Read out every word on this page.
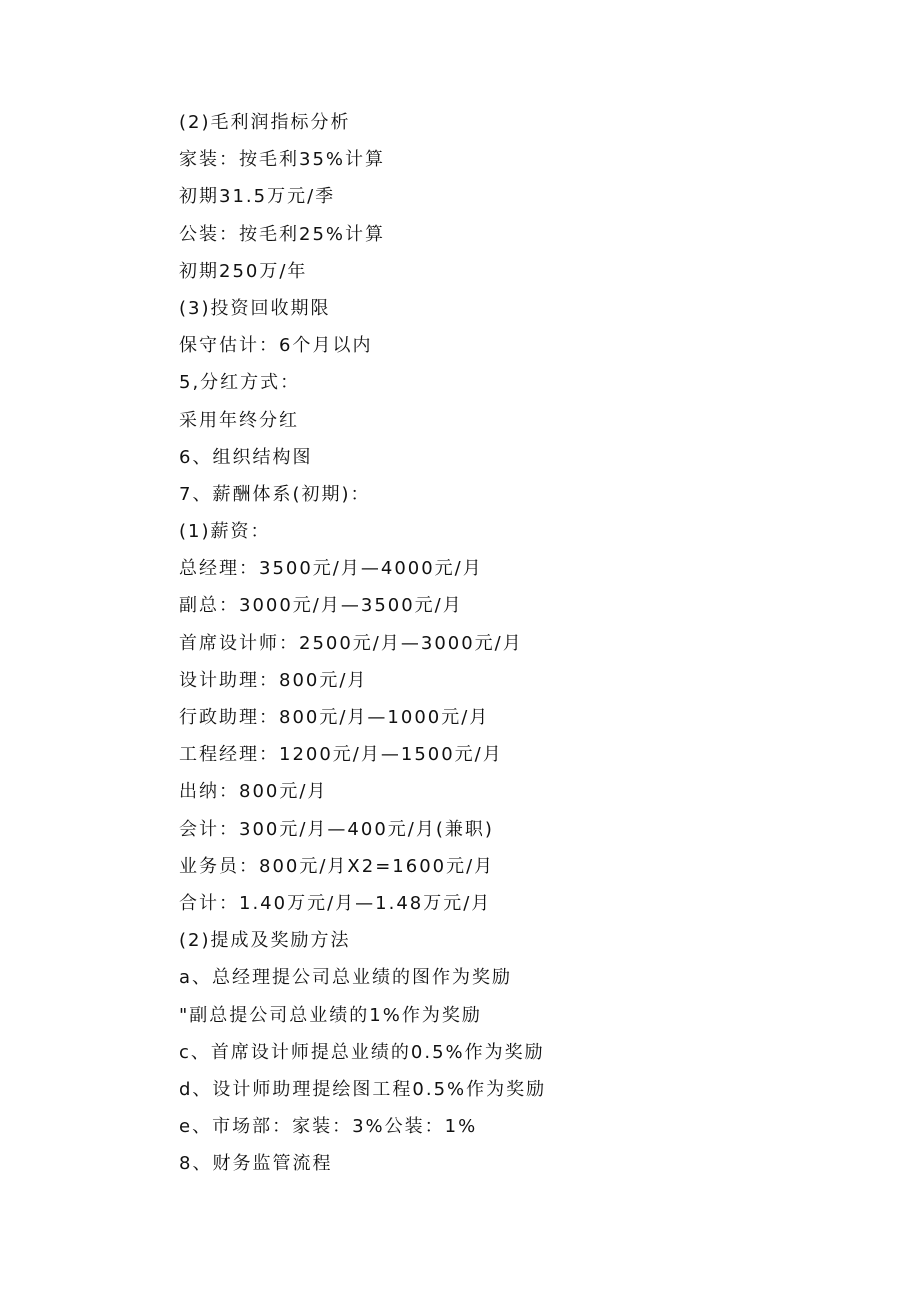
(2)毛利润指标分析
家装：按毛利35%计算
初期31.5万元/季
公装：按毛利25%计算
初期250万/年
(3)投资回收期限
保守估计：6个月以内
5,分红方式：
采用年终分红
6、组织结构图
7、薪酬体系(初期)：
(1)薪资：
总经理：3500元/月—4000元/月
副总：3000元/月—3500元/月
首席设计师：2500元/月—3000元/月
设计助理：800元/月
行政助理：800元/月—1000元/月
工程经理：1200元/月—1500元/月
出纳：800元/月
会计：300元/月—400元/月(兼职)
业务员：800元/月X2=1600元/月
合计：1.40万元/月—1.48万元/月
(2)提成及奖励方法
a、总经理提公司总业绩的图作为奖励
"副总提公司总业绩的1%作为奖励
c、首席设计师提总业绩的0.5%作为奖励
d、设计师助理提绘图工程0.5%作为奖励
e、市场部：家装：3%公装：1%
8、财务监管流程
